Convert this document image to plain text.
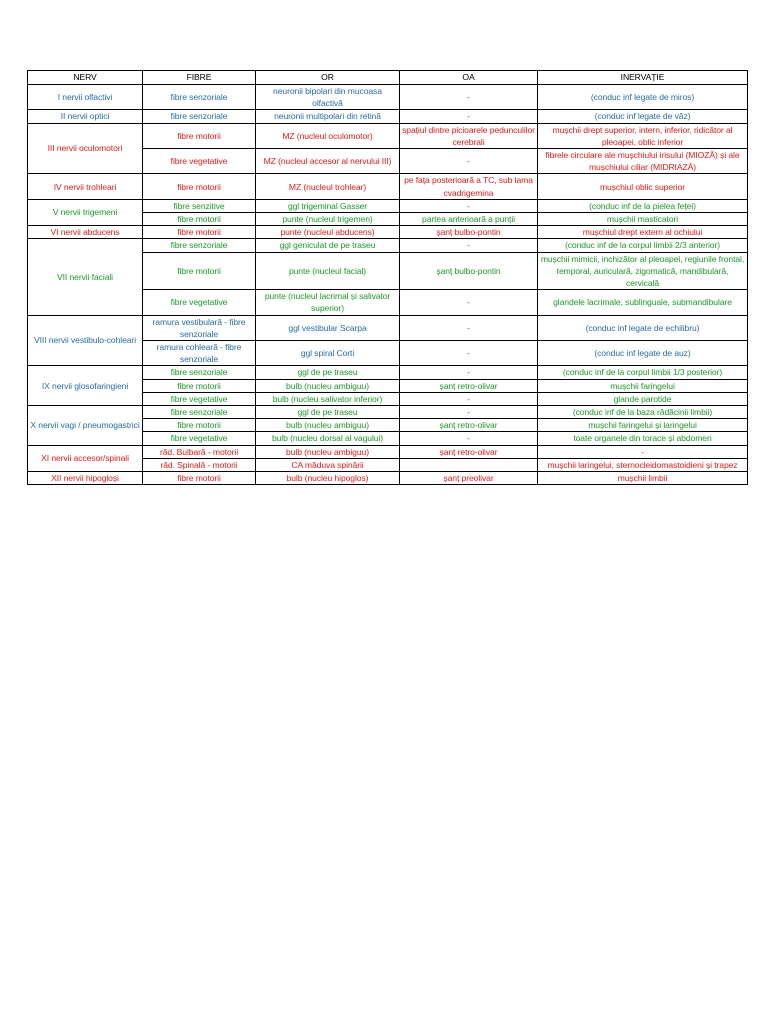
NERV	FIBRE	OR	OA	INERVAȚIE
I nervii olfactivi	fibre senzoriale	neuronii bipolari din mucoasa olfactivă	-	(conduc inf legate de miros)
II nervii optici	fibre senzoriale	neuronii multipolari din retină	-	(conduc inf legate de văz)
III nervii oculomotori	fibre motorii	MZ (nucleul oculomotor)	spațiul dintre picioarele pedunculilor cerebrali	mușchii drept superior, intern, inferior, ridicător al pleoapei, oblic inferior
	fibre vegetative	MZ (nucleul accesor al nervului III)	-	fibrele circulare ale mușchiului irisului (MIOZĂ) și ale mușchiului ciliar (MIDRIAZĂ)
IV nervii trohleari	fibre motorii	MZ (nucleul trohlear)	pe fața posterioară a TC, sub lama cvadrigemina	mușchiul oblic superior
V nervii trigemeni	fibre senzitive	ggl trigeminal Gasser	-	(conduc inf de la pielea feței)
	fibre motorii	punte (nucleul trigemen)	partea anterioară a punții	mușchii masticatori
VI nervii abducens	fibre motorii	punte (nucleul abducens)	șanț bulbo-pontin	mușchiul drept extern al ochiului
VII nervii faciali	fibre senzoriale	ggl geniculat de pe traseu	-	(conduc inf de la corpul limbii 2/3 anterior)
	fibre motorii	punte (nucleul facial)	șanț bulbo-pontin	mușchii mimicii, inchizător al pleoapei, regiunile frontal, temporal, auriculară, zigomatică, mandibulară, cervicală
	fibre vegetative	punte (nucleul lacrimal și salivator superior)	-	glandele lacrimale, sublinguale, submandibulare
VIII nervii vestibulo-cohleari	ramura vestibulară - fibre senzoriale	ggl vestibular Scarpa	-	(conduc inf legate de echilibru)
	ramura cohleară - fibre senzoriale	ggl spiral Corti	-	(conduc inf legate de auz)
IX nervii glosofaringieni	fibre senzoriale	ggl de pe traseu	-	(conduc inf de la corpul limbii 1/3 posterior)
	fibre motorii	bulb (nucleu ambiguu)	șanț retro-olivar	mușchii faringelui
	fibre vegetative	bulb (nucleu salivator inferior)	-	glande parotide
X nervii vagi / pneumogastrici	fibre senzoriale	ggl de pe traseu	-	(conduc inf de la baza rădăcinii limbii)
	fibre motorii	bulb (nucleu ambiguu)	șanț retro-olivar	mușchii faringelui și laringelui
	fibre vegetative	bulb (nucleu dorsal al vagului)	-	toate organele din torace și abdomen
XI nervii accesor/spinali	răd. Bulbară - motorii	bulb (nucleu ambiguu)	șanț retro-olivar	-
	răd. Spinală - motorii	CA măduva spinării		mușchii laringelui, sternocleidomastoidieni și trapez
XII nervii hipogloși	fibre motorii	bulb (nucleu hipoglos)	șanț preolivar	mușchii limbii
